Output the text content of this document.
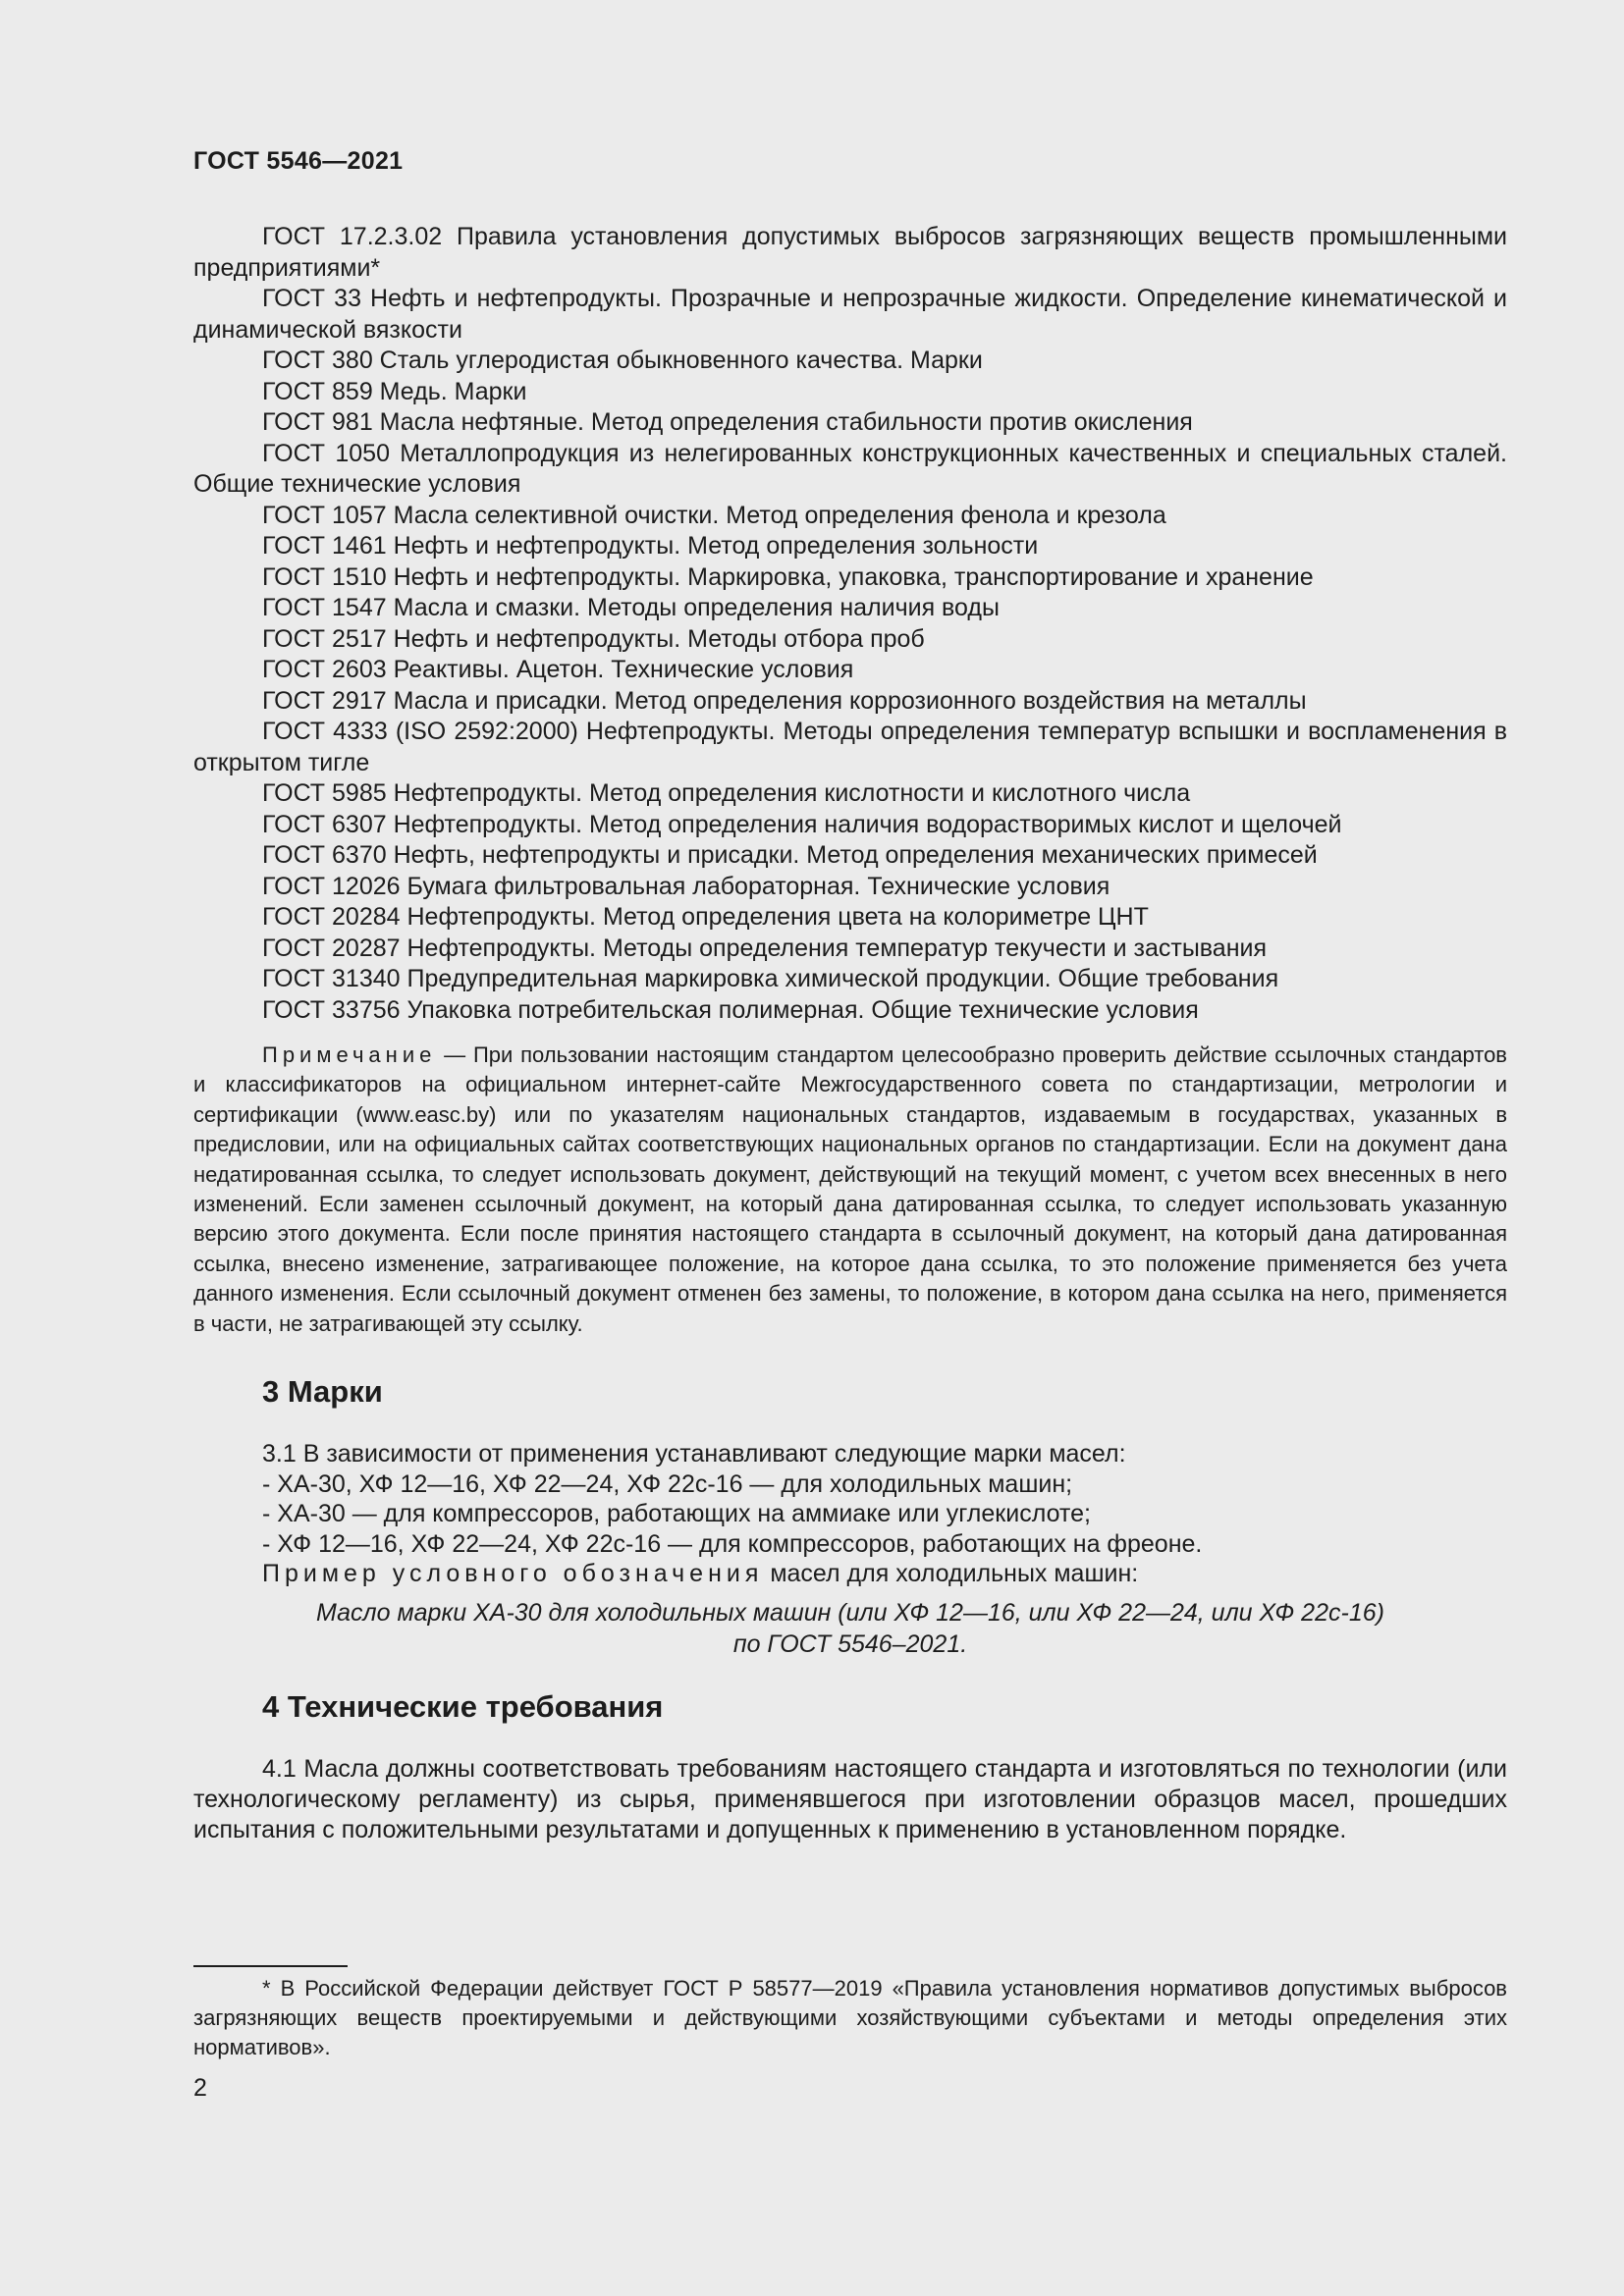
ГОСТ 5546—2021

ГОСТ 17.2.3.02 Правила установления допустимых выбросов загрязняющих веществ промышленными предприятиями*

ГОСТ 33 Нефть и нефтепродукты. Прозрачные и непрозрачные жидкости. Определение кинематической и динамической вязкости

ГОСТ 380 Сталь углеродистая обыкновенного качества. Марки

ГОСТ 859 Медь. Марки

ГОСТ 981 Масла нефтяные. Метод определения стабильности против окисления

ГОСТ 1050 Металлопродукция из нелегированных конструкционных качественных и специальных сталей. Общие технические условия

ГОСТ 1057 Масла селективной очистки. Метод определения фенола и крезола

ГОСТ 1461 Нефть и нефтепродукты. Метод определения зольности

ГОСТ 1510 Нефть и нефтепродукты. Маркировка, упаковка, транспортирование и хранение

ГОСТ 1547 Масла и смазки. Методы определения наличия воды

ГОСТ 2517 Нефть и нефтепродукты. Методы отбора проб

ГОСТ 2603 Реактивы. Ацетон. Технические условия

ГОСТ 2917 Масла и присадки. Метод определения коррозионного воздействия на металлы

ГОСТ 4333 (ISO 2592:2000) Нефтепродукты. Методы определения температур вспышки и воспламенения в открытом тигле

ГОСТ 5985 Нефтепродукты. Метод определения кислотности и кислотного числа

ГОСТ 6307 Нефтепродукты. Метод определения наличия водорастворимых кислот и щелочей

ГОСТ 6370 Нефть, нефтепродукты и присадки. Метод определения механических примесей

ГОСТ 12026 Бумага фильтровальная лабораторная. Технические условия

ГОСТ 20284 Нефтепродукты. Метод определения цвета на колориметре ЦНТ

ГОСТ 20287 Нефтепродукты. Методы определения температур текучести и застывания

ГОСТ 31340 Предупредительная маркировка химической продукции. Общие требования

ГОСТ 33756 Упаковка потребительская полимерная. Общие технические условия

Примечание — При пользовании настоящим стандартом целесообразно проверить действие ссылочных стандартов и классификаторов на официальном интернет-сайте Межгосударственного совета по стандартизации, метрологии и сертификации (www.easc.by) или по указателям национальных стандартов, издаваемым в государствах, указанных в предисловии, или на официальных сайтах соответствующих национальных органов по стандартизации. Если на документ дана недатированная ссылка, то следует использовать документ, действующий на текущий момент, с учетом всех внесенных в него изменений. Если заменен ссылочный документ, на который дана датированная ссылка, то следует использовать указанную версию этого документа. Если после принятия настоящего стандарта в ссылочный документ, на который дана датированная ссылка, внесено изменение, затрагивающее положение, на которое дана ссылка, то это положение применяется без учета данного изменения. Если ссылочный документ отменен без замены, то положение, в котором дана ссылка на него, применяется в части, не затрагивающей эту ссылку.

3 Марки

3.1 В зависимости от применения устанавливают следующие марки масел:

- ХА-30, ХФ 12—16, ХФ 22—24, ХФ 22с-16 — для холодильных машин;

- ХА-30 — для компрессоров, работающих на аммиаке или углекислоте;

- ХФ 12—16, ХФ 22—24, ХФ 22с-16 — для компрессоров, работающих на фреоне.

Пример условного обозначения масел для холодильных машин:

Масло марки ХА-30 для холодильных машин (или ХФ 12—16, или ХФ 22—24, или ХФ 22с-16)
по ГОСТ 5546–2021.

4 Технические требования

4.1 Масла должны соответствовать требованиям настоящего стандарта и изготовляться по технологии (или технологическому регламенту) из сырья, применявшегося при изготовлении образцов масел, прошедших испытания с положительными результатами и допущенных к применению в установленном порядке.

* В Российской Федерации действует ГОСТ Р 58577—2019 «Правила установления нормативов допустимых выбросов загрязняющих веществ проектируемыми и действующими хозяйствующими субъектами и методы определения этих нормативов».

2
